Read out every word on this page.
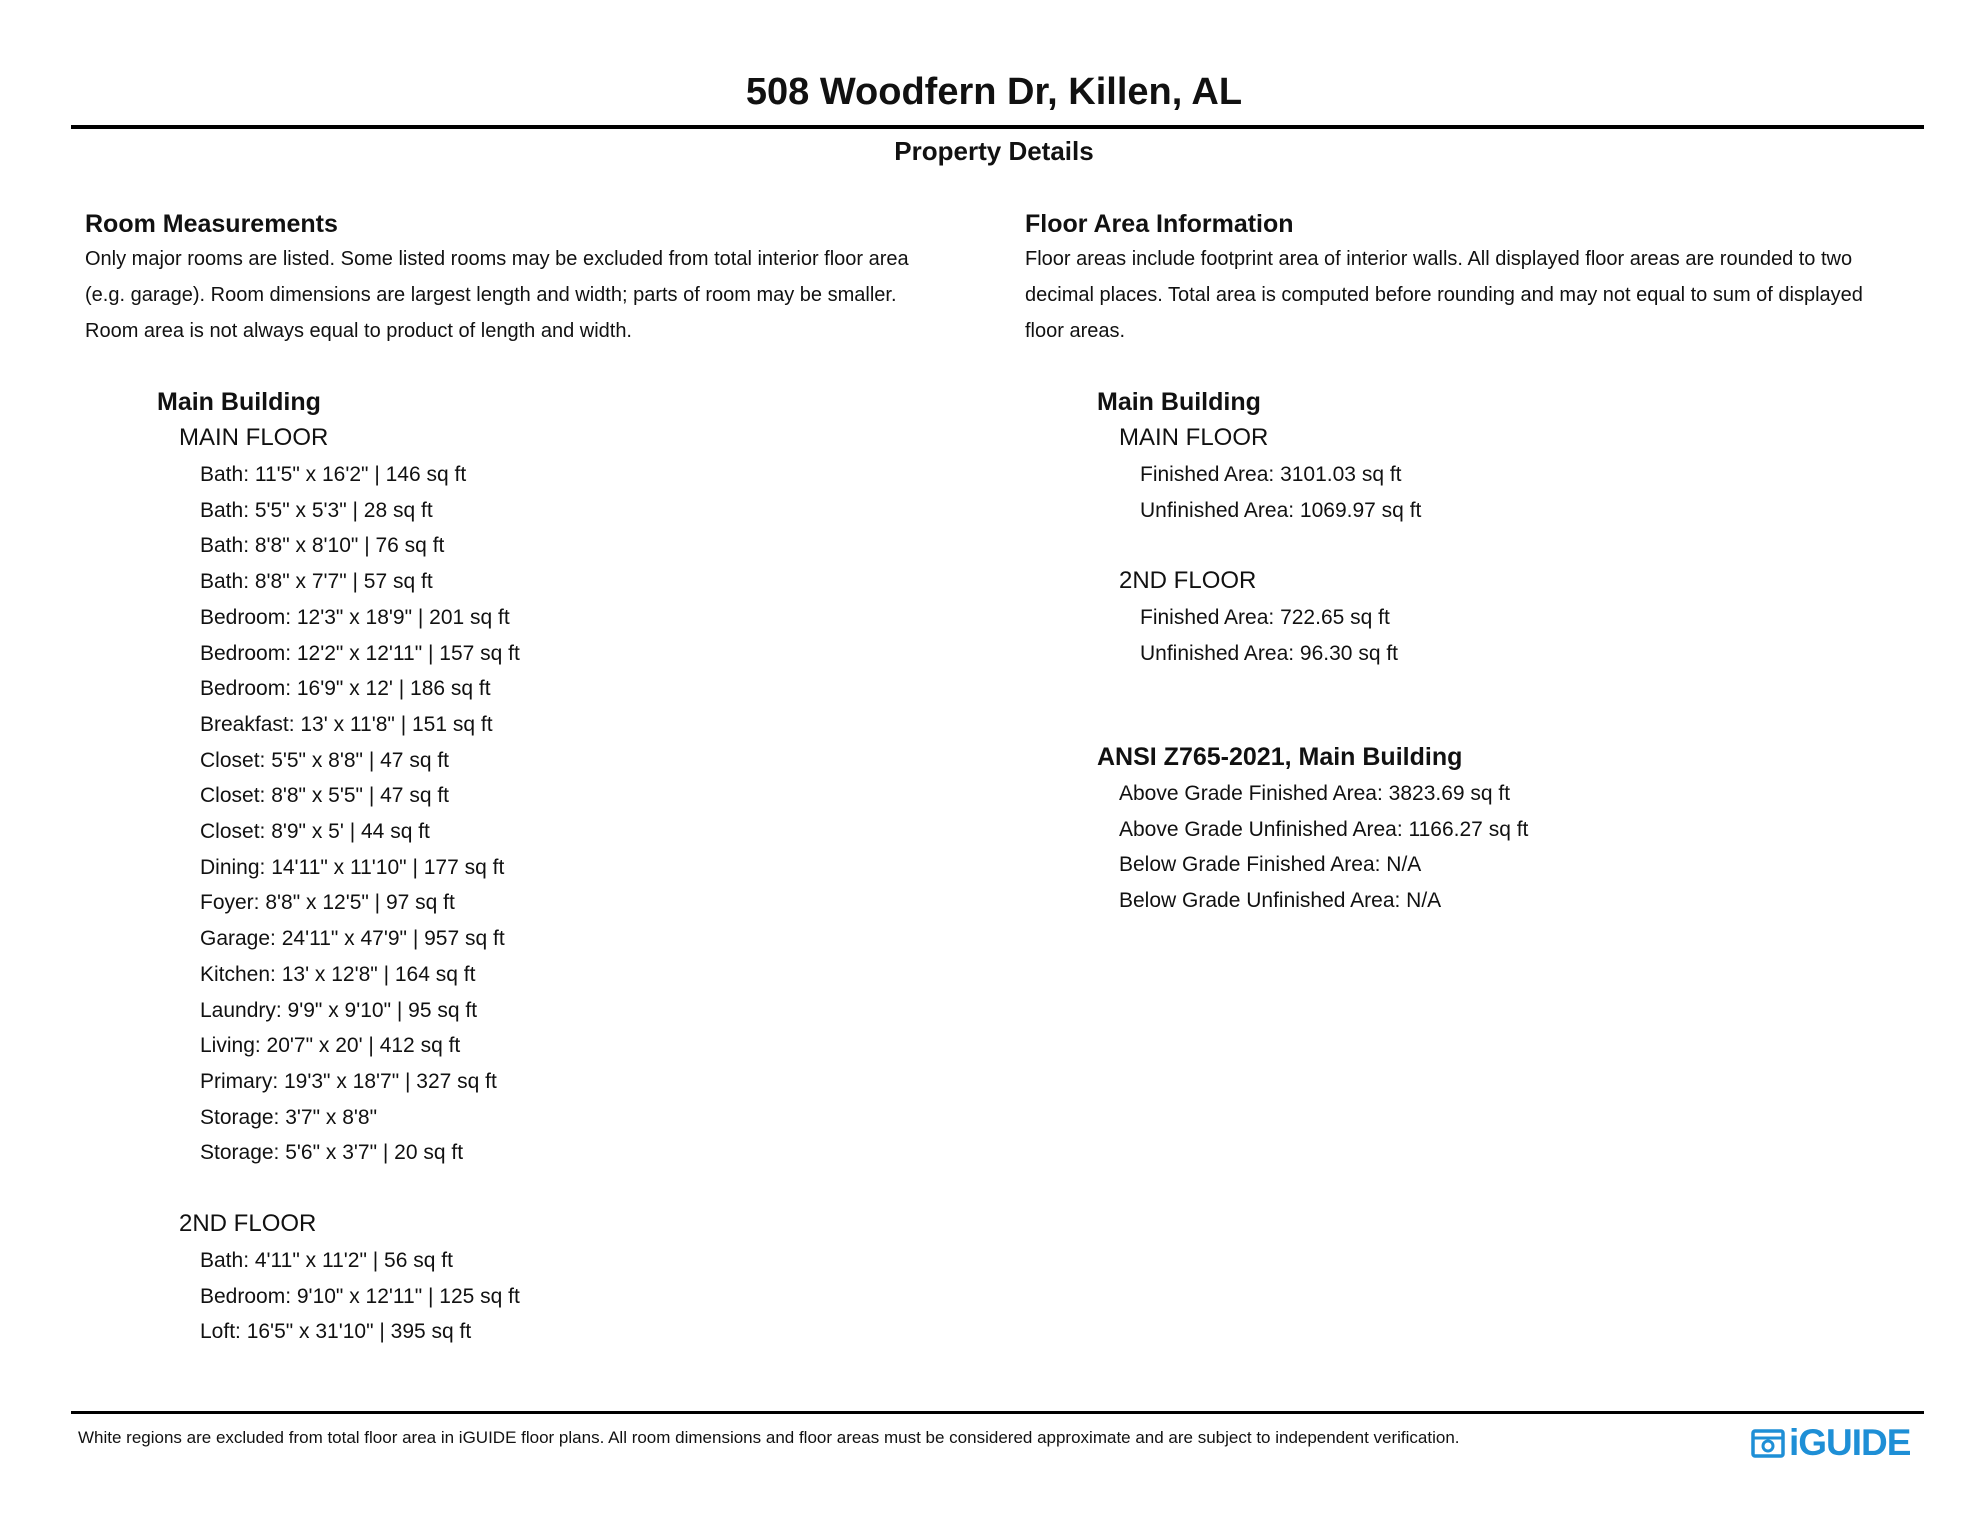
508 Woodfern Dr, Killen, AL
Property Details

Room Measurements

Only major rooms are listed. Some listed rooms may be excluded from total interior floor area

(e.g. garage). Room dimensions are largest length and width; parts of room may be smaller.

Room area is not always equal to product of length and width.

Main Building

MAIN FLOOR

Bath: 11'5" x 16'2" | 146 sq ft
Bath: 5'5" x 5'3" | 28 sq ft
Bath: 8'8" x 8'10" | 76 sq ft
Bath: 8'8" x 7'7" | 57 sq ft
Bedroom: 12'3" x 18'9" | 201 sq ft
Bedroom: 12'2" x 12'11" | 157 sq ft
Bedroom: 16'9" x 12' | 186 sq ft
Breakfast: 13' x 11'8" | 151 sq ft
Closet: 5'5" x 8'8" | 47 sq ft
Closet: 8'8" x 5'5" | 47 sq ft
Closet: 8'9" x 5' | 44 sq ft
Dining: 14'11" x 11'10" | 177 sq ft
Foyer: 8'8" x 12'5" | 97 sq ft
Garage: 24'11" x 47'9" | 957 sq ft
Kitchen: 13' x 12'8" | 164 sq ft
Laundry: 9'9" x 9'10" | 95 sq ft
Living: 20'7" x 20' | 412 sq ft
Primary: 19'3" x 18'7" | 327 sq ft
Storage: 3'7" x 8'8"
Storage: 5'6" x 3'7" | 20 sq ft

2ND FLOOR

Bath: 4'11" x 11'2" | 56 sq ft
Bedroom: 9'10" x 12'11" | 125 sq ft
Loft: 16'5" x 31'10" | 395 sq ft

Floor Area Information

Floor areas include footprint area of interior walls. All displayed floor areas are rounded to two

decimal places. Total area is computed before rounding and may not equal to sum of displayed

floor areas.

Main Building

MAIN FLOOR

Finished Area: 3101.03 sq ft
Unfinished Area: 1069.97 sq ft

2ND FLOOR

Finished Area: 722.65 sq ft
Unfinished Area: 96.30 sq ft

ANSI Z765-2021, Main Building

Above Grade Finished Area: 3823.69 sq ft
Above Grade Unfinished Area: 1166.27 sq ft
Below Grade Finished Area: N/A
Below Grade Unfinished Area: N/A
White regions are excluded from total floor area in iGUIDE floor plans. All room dimensions and floor areas must be considered approximate and are subject to independent verification.	iGUIDE
